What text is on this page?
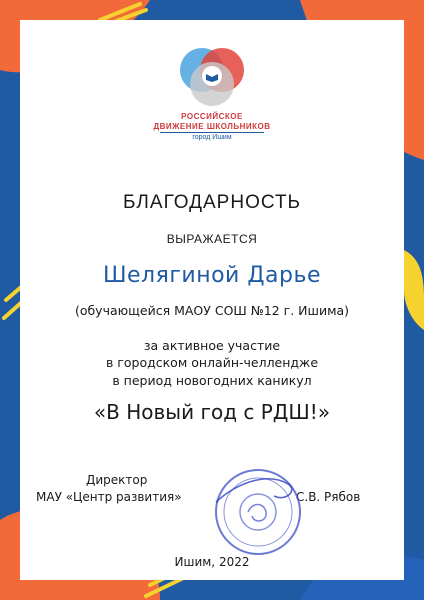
РОССИЙСКОЕ
ДВИЖЕНИЕ ШКОЛЬНИКОВ
город Ишим
БЛАГОДАРНОСТЬ
ВЫРАЖАЕТСЯ
Шелягиной Дарье
(обучающейся МАОУ СОШ №12 г. Ишима)
за активное участие
в городском онлайн-челлендже
в период новогодних каникул
«В Новый год с РДШ!»
Директор
МАУ «Центр развития»	С.В. Рябов
Ишим, 2022
